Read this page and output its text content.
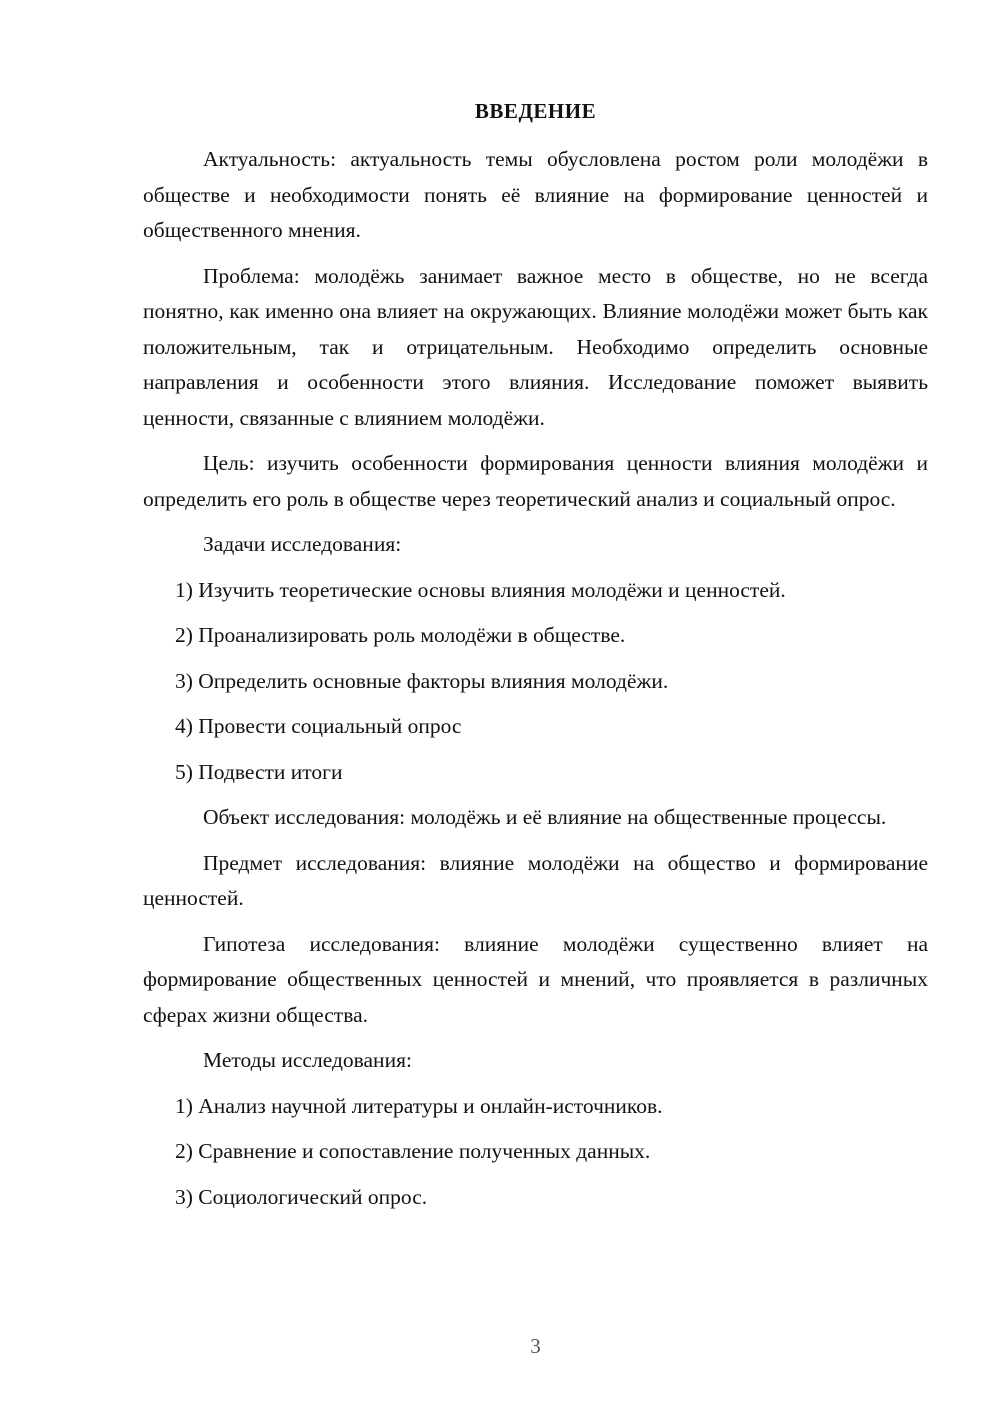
ВВЕДЕНИЕ

Актуальность: актуальность темы обусловлена ростом роли молодёжи в обществе и необходимости понять её влияние на формирование ценностей и общественного мнения.

Проблема: молодёжь занимает важное место в обществе, но не всегда понятно, как именно она влияет на окружающих. Влияние молодёжи может быть как положительным, так и отрицательным. Необходимо определить основные направления и особенности этого влияния. Исследование поможет выявить ценности, связанные с влиянием молодёжи.

Цель: изучить особенности формирования ценности влияния молодёжи и определить его роль в обществе через теоретический анализ и социальный опрос.

Задачи исследования:
1) Изучить теоретические основы влияния молодёжи и ценностей.
2) Проанализировать роль молодёжи в обществе.
3) Определить основные факторы влияния молодёжи.
4) Провести социальный опрос
5) Подвести итоги

Объект исследования: молодёжь и её влияние на общественные процессы.

Предмет исследования: влияние молодёжи на общество и формирование ценностей.

Гипотеза исследования: влияние молодёжи существенно влияет на формирование общественных ценностей и мнений, что проявляется в различных сферах жизни общества.

Методы исследования:
1) Анализ научной литературы и онлайн-источников.
2) Сравнение и сопоставление полученных данных.
3) Социологический опрос.
3
